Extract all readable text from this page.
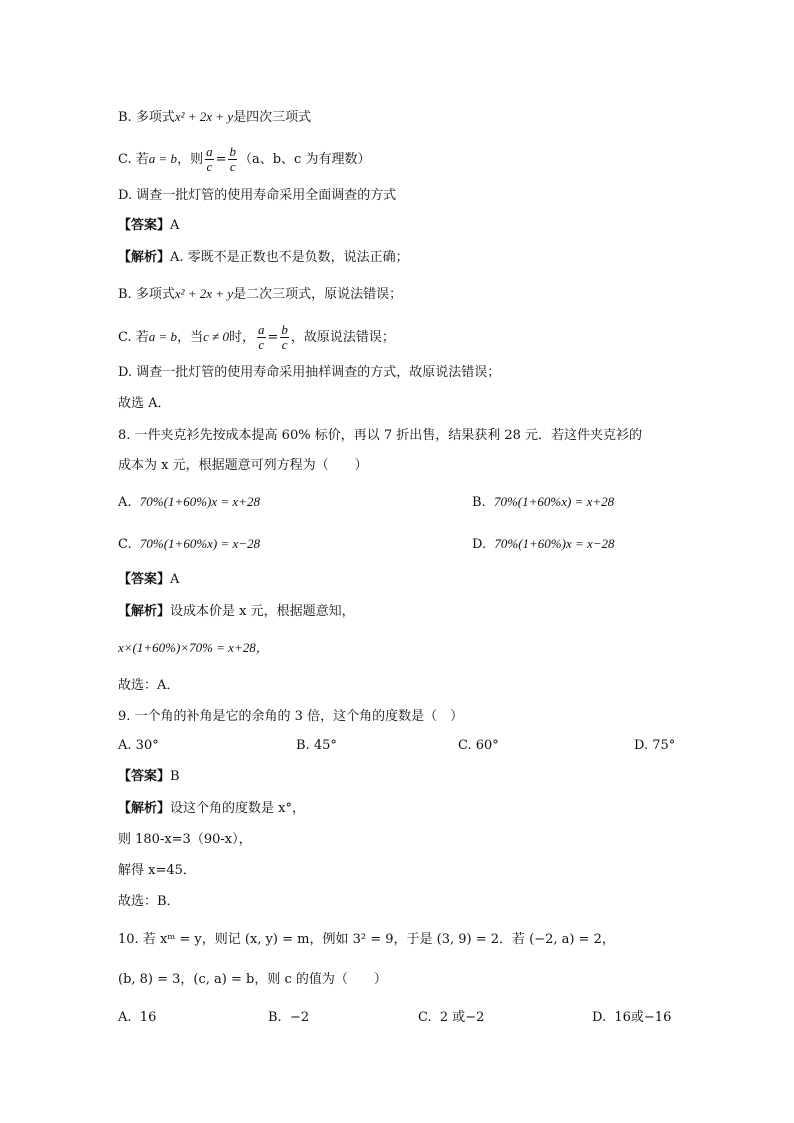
B. 多项式x² + 2x + y是四次三项式
C. 若a = b，则 $\frac{a}{c} = \frac{b}{c} (a$、b、c 为有理数）
D. 调查一批灯管的使用寿命采用全面调查的方式
【答案】A
【解析】A. 零既不是正数也不是负数，说法正确；
B. 多项式x² + 2x + y是二次三项式，原说法错误；
C. 若a = b，当c ≠ 0时， $\frac{a}{c} = \frac{b}{c}$ ，故原说法错误；
D. 调查一批灯管的使用寿命采用抽样调查的方式，故原说法错误；
故选 A．
8. 一件夹克衫先按成本提高 60% 标价，再以 7 折出售，结果获利 28 元．若这件夹克衫的
成本为 x 元，根据题意可列方程为（　　）
A. 70%(1+60%)x = x+28	B. 70%(1+60%x) = x+28
C. 70%(1+60%x) = x−28	D. 70%(1+60%)x = x−28
【答案】A
【解析】设成本价是 x 元，根据题意知，
x×(1+60%)×70% = x+28，
故选：A．
9. 一个角的补角是它的余角的 3 倍，这个角的度数是（　）
A. 30°	B. 45°	C. 60°	D. 75°
【答案】B
【解析】设这个角的度数是 x°，
则 180-x=3（90-x），
解得 x=45．
故选：B．
10. 若 xᵐ = y，则记 (x, y) = m，例如 3² = 9，于是 (3, 9) = 2．若 (−2, a) = 2，
(b, 8) = 3，(c, a) = b，则 c 的值为（　　）
A. 16	B. −2	C. 2 或−2	D. 16或−16
